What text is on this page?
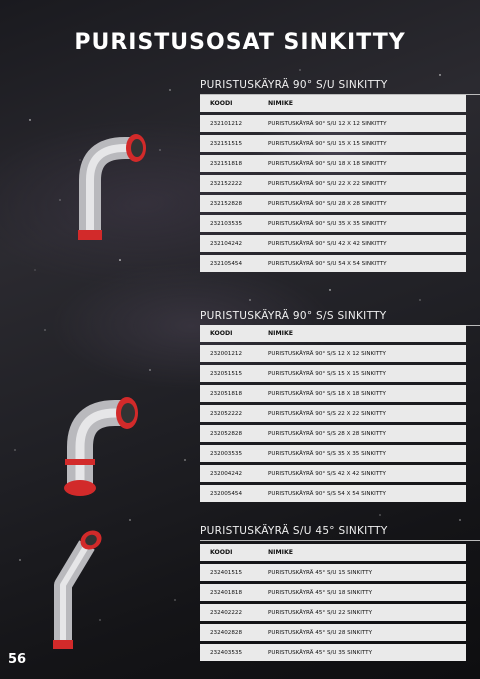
PURISTUSOSAT SINKITTY
PURISTUSKÄYRÄ 90° S/U SINKITTY
KOODI	NIMIKE
232101212	PURISTUSKÄYRÄ 90° S/U 12 X 12 SINKITTY
232151515	PURISTUSKÄYRÄ 90° S/U 15 X 15 SINKITTY
232151818	PURISTUSKÄYRÄ 90° S/U 18 X 18 SINKITTY
232152222	PURISTUSKÄYRÄ 90° S/U 22 X 22 SINKITTY
232152828	PURISTUSKÄYRÄ 90° S/U 28 X 28 SINKITTY
232103535	PURISTUSKÄYRÄ 90° S/U 35 X 35 SINKITTY
232104242	PURISTUSKÄYRÄ 90° S/U 42 X 42 SINKITTY
232105454	PURISTUSKÄYRÄ 90° S/U 54 X 54 SINKITTY
PURISTUSKÄYRÄ 90° S/S SINKITTY
KOODI	NIMIKE
232001212	PURISTUSKÄYRÄ 90° S/S 12 X 12 SINKITTY
232051515	PURISTUSKÄYRÄ 90° S/S 15 X 15 SINKITTY
232051818	PURISTUSKÄYRÄ 90° S/S 18 X 18 SINKITTY
232052222	PURISTUSKÄYRÄ 90° S/S 22 X 22 SINKITTY
232052828	PURISTUSKÄYRÄ 90° S/S 28 X 28 SINKITTY
232003535	PURISTUSKÄYRÄ 90° S/S 35 X 35 SINKITTY
232004242	PURISTUSKÄYRÄ 90° S/S 42 X 42 SINKITTY
232005454	PURISTUSKÄYRÄ 90° S/S 54 X 54 SINKITTY
PURISTUSKÄYRÄ S/U 45° SINKITTY
KOODI	NIMIKE
232401515	PURISTUSKÄYRÄ 45° S/U 15 SINKITTY
232401818	PURISTUSKÄYRÄ 45° S/U 18 SINKITTY
232402222	PURISTUSKÄYRÄ 45° S/U 22 SINKITTY
232402828	PURISTUSKÄYRÄ 45° S/U 28 SINKITTY
232403535	PURISTUSKÄYRÄ 45° S/U 35 SINKITTY
56
